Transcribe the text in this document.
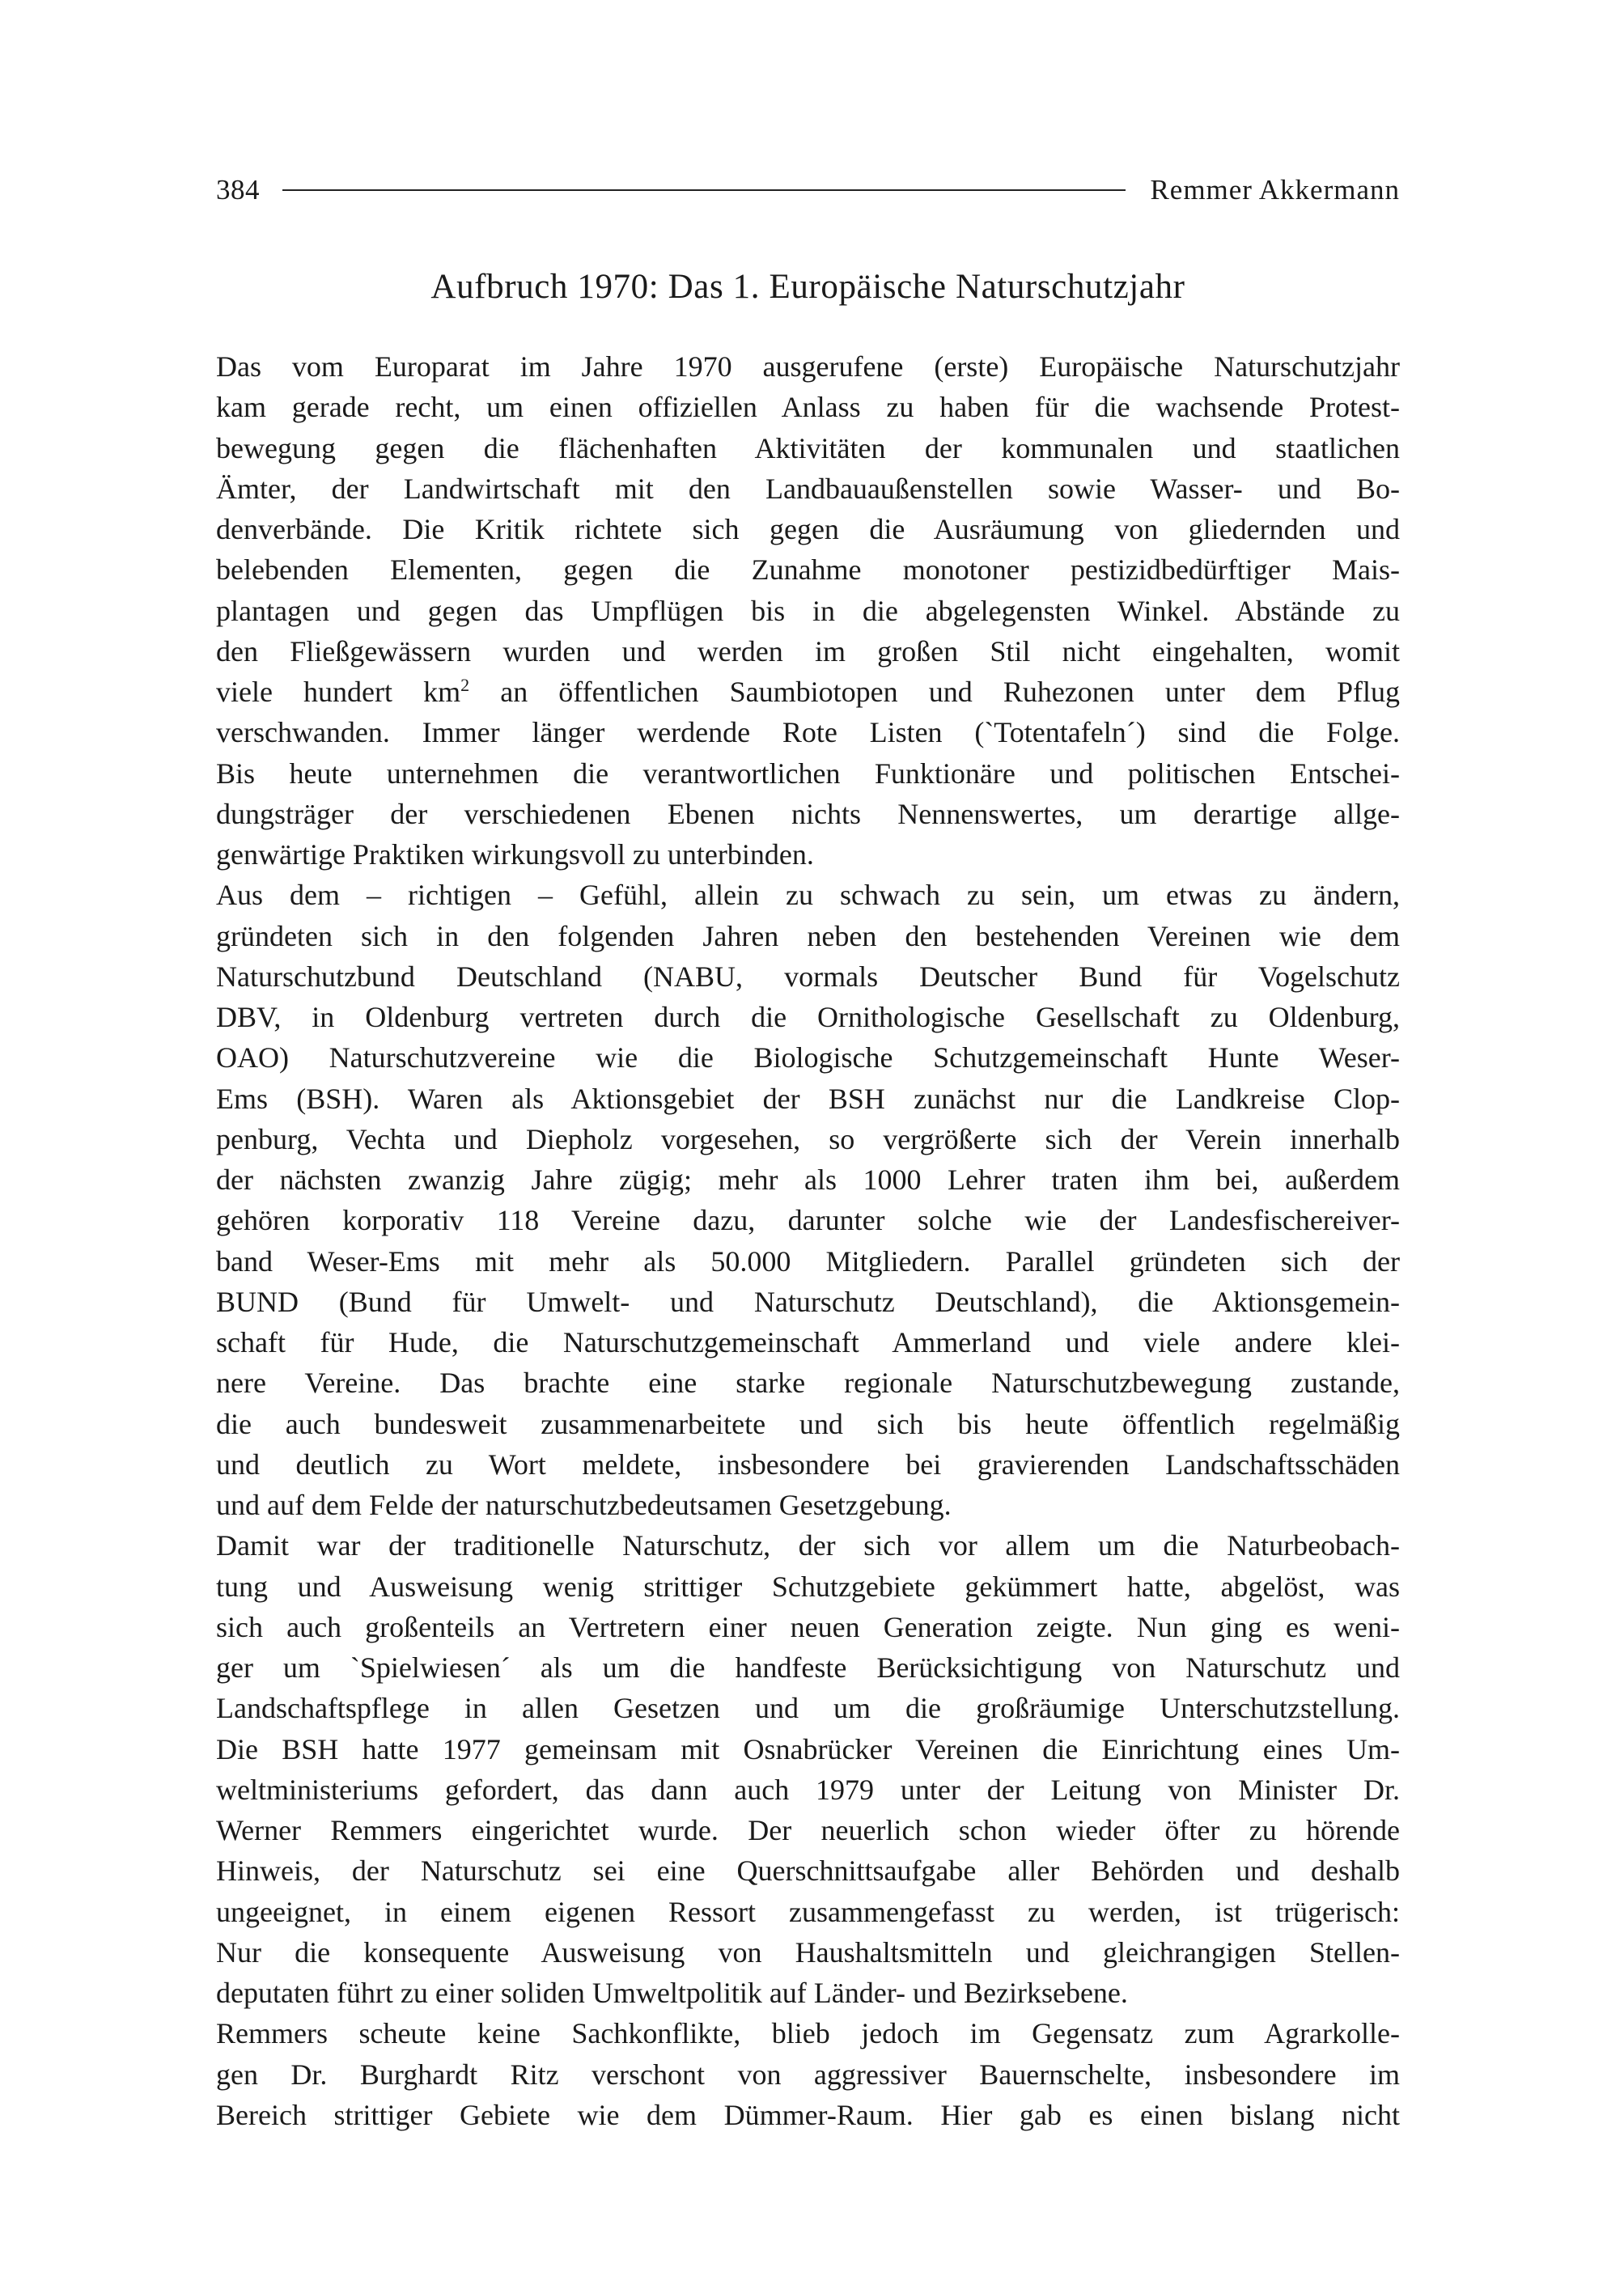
384	Remmer Akkermann
Aufbruch 1970: Das 1. Europäische Naturschutzjahr
Das vom Europarat im Jahre 1970 ausgerufene (erste) Europäische Naturschutzjahr
kam gerade recht, um einen offiziellen Anlass zu haben für die wachsende Protest-
bewegung gegen die flächenhaften Aktivitäten der kommunalen und staatlichen
Ämter, der Landwirtschaft mit den Landbauaußenstellen sowie Wasser- und Bo-
denverbände. Die Kritik richtete sich gegen die Ausräumung von gliedernden und
belebenden Elementen, gegen die Zunahme monotoner pestizidbedürftiger Mais-
plantagen und gegen das Umpflügen bis in die abgelegensten Winkel. Abstände zu
den Fließgewässern wurden und werden im großen Stil nicht eingehalten, womit
viele hundert $km^2$ an öffentlichen Saumbiotopen und Ruhezonen unter dem Pflug
verschwanden. Immer länger werdende Rote Listen (`Totentafeln´) sind die Folge.
Bis heute unternehmen die verantwortlichen Funktionäre und politischen Entschei-
dungsträger der verschiedenen Ebenen nichts Nennenswertes, um derartige allge-
genwärtige Praktiken wirkungsvoll zu unterbinden.
Aus dem – richtigen – Gefühl, allein zu schwach zu sein, um etwas zu ändern,
gründeten sich in den folgenden Jahren neben den bestehenden Vereinen wie dem
Naturschutzbund Deutschland (NABU, vormals Deutscher Bund für Vogelschutz
DBV, in Oldenburg vertreten durch die Ornithologische Gesellschaft zu Oldenburg,
OAO) Naturschutzvereine wie die Biologische Schutzgemeinschaft Hunte Weser-
Ems (BSH). Waren als Aktionsgebiet der BSH zunächst nur die Landkreise Clop-
penburg, Vechta und Diepholz vorgesehen, so vergrößerte sich der Verein innerhalb
der nächsten zwanzig Jahre zügig; mehr als 1000 Lehrer traten ihm bei, außerdem
gehören korporativ 118 Vereine dazu, darunter solche wie der Landesfischereiver-
band Weser-Ems mit mehr als 50.000 Mitgliedern. Parallel gründeten sich der
BUND (Bund für Umwelt- und Naturschutz Deutschland), die Aktionsgemein-
schaft für Hude, die Naturschutzgemeinschaft Ammerland und viele andere klei-
nere Vereine. Das brachte eine starke regionale Naturschutzbewegung zustande,
die auch bundesweit zusammenarbeitete und sich bis heute öffentlich regelmäßig
und deutlich zu Wort meldete, insbesondere bei gravierenden Landschaftsschäden
und auf dem Felde der naturschutzbedeutsamen Gesetzgebung.
Damit war der traditionelle Naturschutz, der sich vor allem um die Naturbeobach-
tung und Ausweisung wenig strittiger Schutzgebiete gekümmert hatte, abgelöst, was
sich auch großenteils an Vertretern einer neuen Generation zeigte. Nun ging es weni-
ger um `Spielwiesen´ als um die handfeste Berücksichtigung von Naturschutz und
Landschaftspflege in allen Gesetzen und um die großräumige Unterschutzstellung.
Die BSH hatte 1977 gemeinsam mit Osnabrücker Vereinen die Einrichtung eines Um-
weltministeriums gefordert, das dann auch 1979 unter der Leitung von Minister Dr.
Werner Remmers eingerichtet wurde. Der neuerlich schon wieder öfter zu hörende
Hinweis, der Naturschutz sei eine Querschnittsaufgabe aller Behörden und deshalb
ungeeignet, in einem eigenen Ressort zusammengefasst zu werden, ist trügerisch:
Nur die konsequente Ausweisung von Haushaltsmitteln und gleichrangigen Stellen-
deputaten führt zu einer soliden Umweltpolitik auf Länder- und Bezirksebene.
Remmers scheute keine Sachkonflikte, blieb jedoch im Gegensatz zum Agrarkolle-
gen Dr. Burghardt Ritz verschont von aggressiver Bauernschelte, insbesondere im
Bereich strittiger Gebiete wie dem Dümmer-Raum. Hier gab es einen bislang nicht
